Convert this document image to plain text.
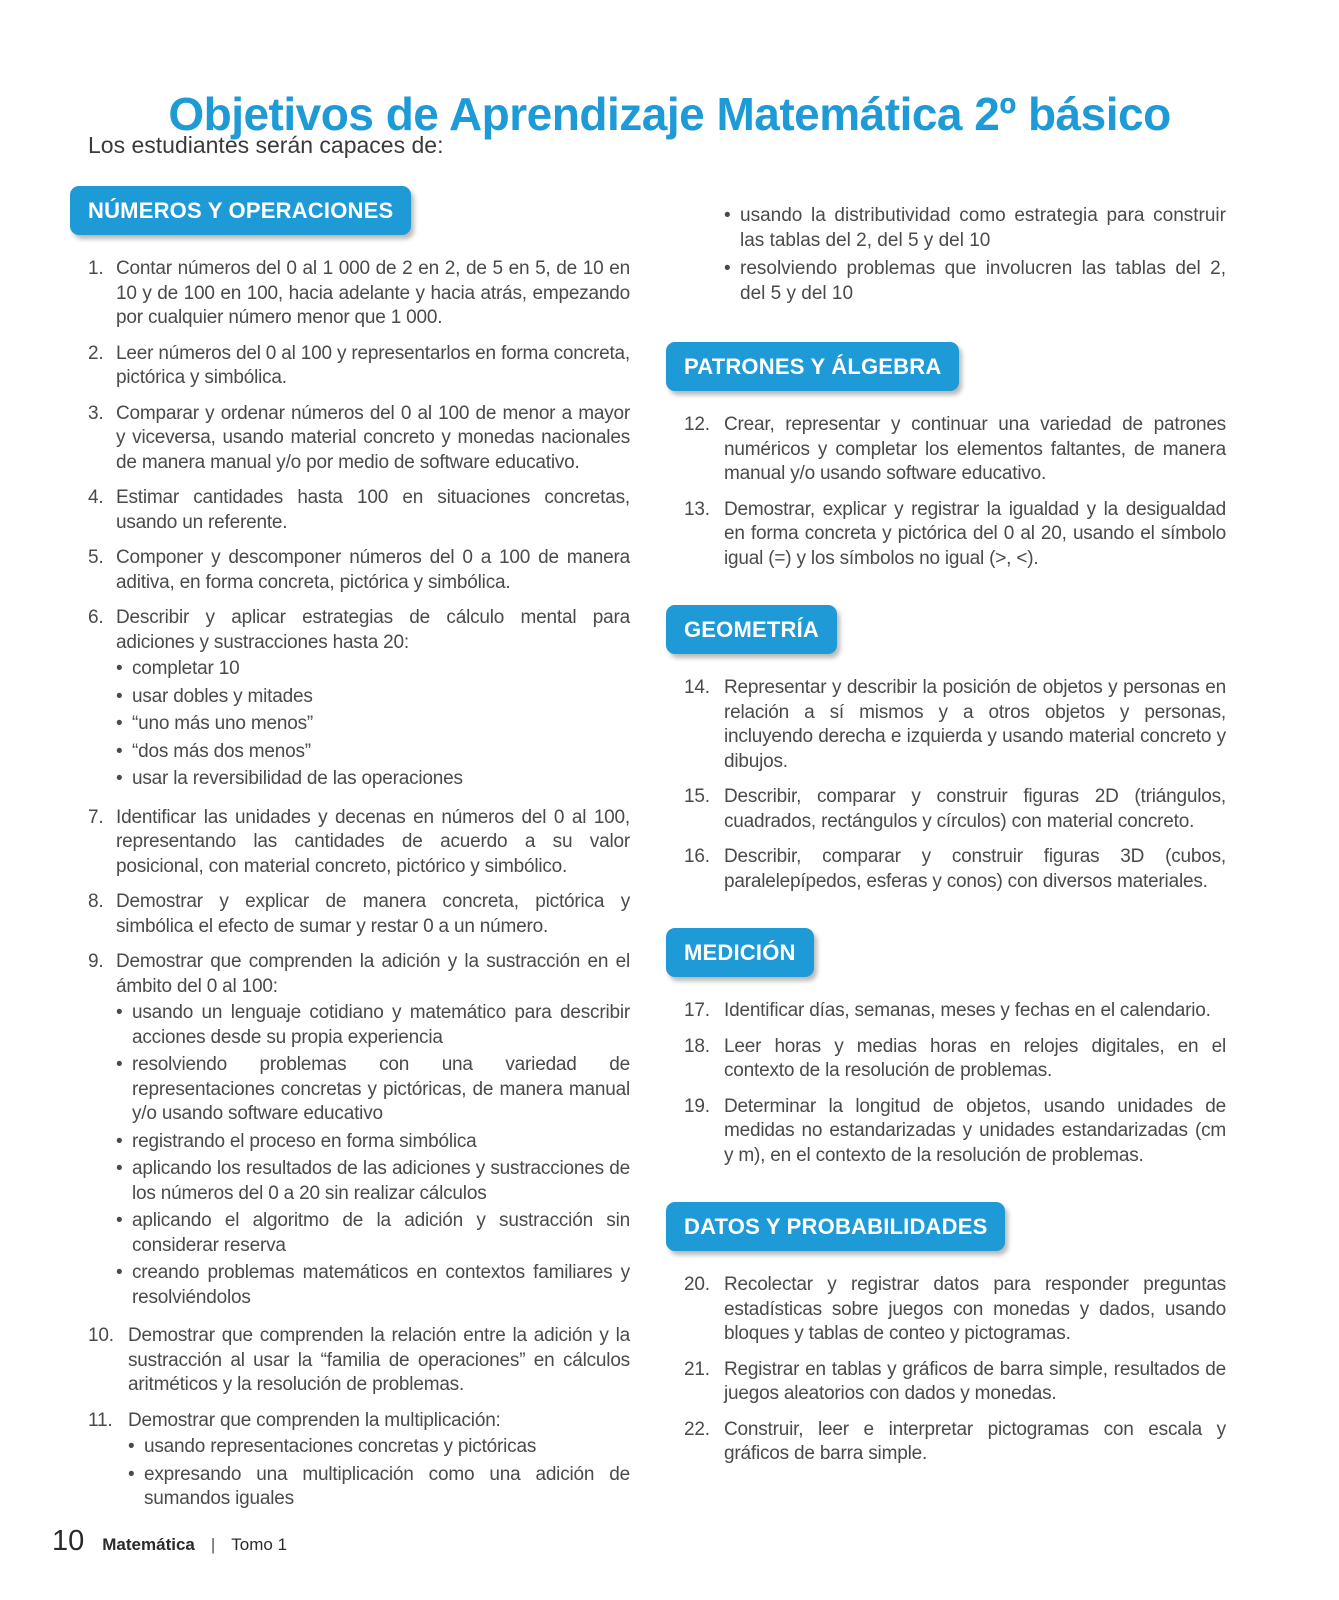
Objetivos de Aprendizaje Matemática 2º básico
Los estudiantes serán capaces de:
NÚMEROS Y OPERACIONES
1. Contar números del 0 al 1 000 de 2 en 2, de 5 en 5, de 10 en 10 y de 100 en 100, hacia adelante y hacia atrás, empezando por cualquier número menor que 1 000.
2. Leer números del 0 al 100 y representarlos en forma concreta, pictórica y simbólica.
3. Comparar y ordenar números del 0 al 100 de menor a mayor y viceversa, usando material concreto y monedas nacionales de manera manual y/o por medio de software educativo.
4. Estimar cantidades hasta 100 en situaciones concretas, usando un referente.
5. Componer y descomponer números del 0 a 100 de manera aditiva, en forma concreta, pictórica y simbólica.
6. Describir y aplicar estrategias de cálculo mental para adiciones y sustracciones hasta 20:
• completar 10
• usar dobles y mitades
• “uno más uno menos”
• “dos más dos menos”
• usar la reversibilidad de las operaciones
7. Identificar las unidades y decenas en números del 0 al 100, representando las cantidades de acuerdo a su valor posicional, con material concreto, pictórico y simbólico.
8. Demostrar y explicar de manera concreta, pictórica y simbólica el efecto de sumar y restar 0 a un número.
9. Demostrar que comprenden la adición y la sustracción en el ámbito del 0 al 100:
• usando un lenguaje cotidiano y matemático para describir acciones desde su propia experiencia
• resolviendo problemas con una variedad de representaciones concretas y pictóricas, de manera manual y/o usando software educativo
• registrando el proceso en forma simbólica
• aplicando los resultados de las adiciones y sustracciones de los números del 0 a 20 sin realizar cálculos
• aplicando el algoritmo de la adición y sustracción sin considerar reserva
• creando problemas matemáticos en contextos familiares y resolviéndolos
10. Demostrar que comprenden la relación entre la adición y la sustracción al usar la “familia de operaciones” en cálculos aritméticos y la resolución de problemas.
11. Demostrar que comprenden la multiplicación:
• usando representaciones concretas y pictóricas
• expresando una multiplicación como una adición de sumandos iguales
• usando la distributividad como estrategia para construir las tablas del 2, del 5 y del 10
• resolviendo problemas que involucren las tablas del 2, del 5 y del 10
PATRONES Y ÁLGEBRA
12. Crear, representar y continuar una variedad de patrones numéricos y completar los elementos faltantes, de manera manual y/o usando software educativo.
13. Demostrar, explicar y registrar la igualdad y la desigualdad en forma concreta y pictórica del 0 al 20, usando el símbolo igual (=) y los símbolos no igual (>, <).
GEOMETRÍA
14. Representar y describir la posición de objetos y personas en relación a sí mismos y a otros objetos y personas, incluyendo derecha e izquierda y usando material concreto y dibujos.
15. Describir, comparar y construir figuras 2D (triángulos, cuadrados, rectángulos y círculos) con material concreto.
16. Describir, comparar y construir figuras 3D (cubos, paralelepípedos, esferas y conos) con diversos materiales.
MEDICIÓN
17. Identificar días, semanas, meses y fechas en el calendario.
18. Leer horas y medias horas en relojes digitales, en el contexto de la resolución de problemas.
19. Determinar la longitud de objetos, usando unidades de medidas no estandarizadas y unidades estandarizadas (cm y m), en el contexto de la resolución de problemas.
DATOS Y PROBABILIDADES
20. Recolectar y registrar datos para responder preguntas estadísticas sobre juegos con monedas y dados, usando bloques y tablas de conteo y pictogramas.
21. Registrar en tablas y gráficos de barra simple, resultados de juegos aleatorios con dados y monedas.
22. Construir, leer e interpretar pictogramas con escala y gráficos de barra simple.
10 Matemática | Tomo 1
